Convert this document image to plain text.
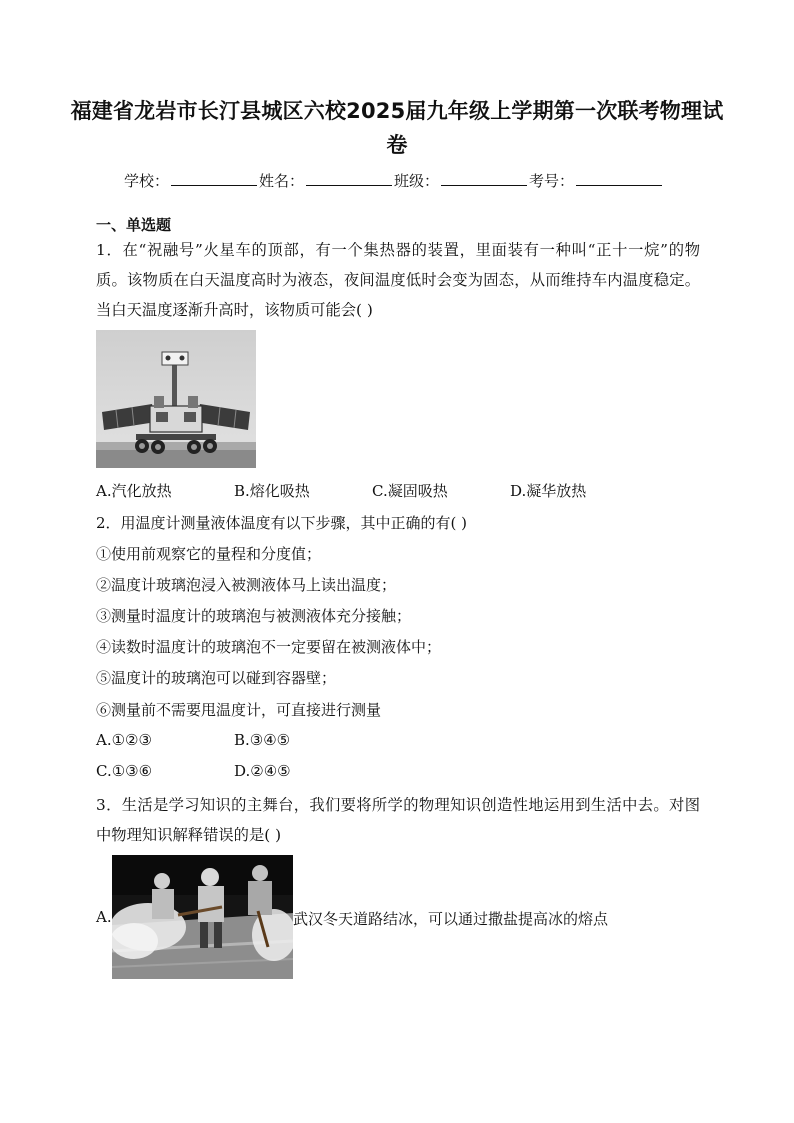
福建省龙岩市长汀县城区六校2025届九年级上学期第一次联考物理试卷
学校：	姓名：	班级：	考号：
一、单选题
1．在“祝融号”火星车的顶部，有一个集热器的装置，里面装有一种叫“正十一烷”的物质。该物质在白天温度高时为液态，夜间温度低时会变为固态，从而维持车内温度稳定。当白天温度逐渐升高时，该物质可能会( )
A.汽化放热	B.熔化吸热	C.凝固吸热	D.凝华放热
2．用温度计测量液体温度有以下步骤，其中正确的有( )
①使用前观察它的量程和分度值；
②温度计玻璃泡浸入被测液体马上读出温度；
③测量时温度计的玻璃泡与被测液体充分接触；
④读数时温度计的玻璃泡不一定要留在被测液体中；
⑤温度计的玻璃泡可以碰到容器壁；
⑥测量前不需要甩温度计，可直接进行测量
A.①②③	B.③④⑤
C.①③⑥	D.②④⑤
3．生活是学习知识的主舞台，我们要将所学的物理知识创造性地运用到生活中去。对图中物理知识解释错误的是( )
A.	武汉冬天道路结冰，可以通过撒盐提高冰的熔点
